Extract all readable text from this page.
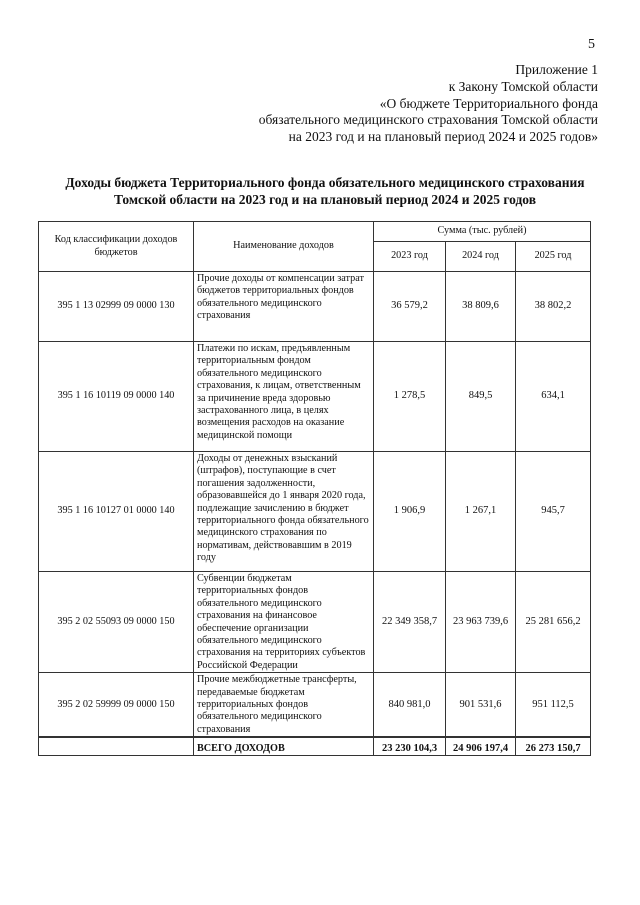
5
Приложение 1
к Закону Томской области
«О бюджете Территориального фонда
обязательного медицинского страхования Томской области
на 2023 год и на плановый период 2024 и 2025 годов»
Доходы бюджета Территориального фонда обязательного медицинского страхования Томской области на 2023 год и на плановый период 2024 и 2025 годов
Код классификации доходов бюджетов	Наименование доходов	Сумма (тыс. рублей)		
		2023 год	2024 год	2025 год
395 1 13 02999 09 0000 130	Прочие доходы от компенсации затрат бюджетов территориальных фондов обязательного медицинского страхования	36 579,2	38 809,6	38 802,2
395 1 16 10119 09 0000 140	Платежи по искам, предъявленным территориальным фондом обязательного медицинского страхования, к лицам, ответственным за причинение вреда здоровью застрахованного лица, в целях возмещения расходов на оказание медицинской помощи	1 278,5	849,5	634,1
395 1 16 10127 01 0000 140	Доходы от денежных взысканий (штрафов), поступающие в счет погашения задолженности, образовавшейся до 1 января 2020 года, подлежащие зачислению в бюджет территориального фонда обязательного медицинского страхования по нормативам, действовавшим в 2019 году	1 906,9	1 267,1	945,7
395 2 02 55093 09 0000 150	Субвенции бюджетам территориальных фондов обязательного медицинского страхования на финансовое обеспечение организации обязательного медицинского страхования на территориях субъектов Российской Федерации	22 349 358,7	23 963 739,6	25 281 656,2
395 2 02 59999 09 0000 150	Прочие межбюджетные трансферты, передаваемые бюджетам территориальных фондов обязательного медицинского страхования	840 981,0	901 531,6	951 112,5
	ВСЕГО ДОХОДОВ	23 230 104,3	24 906 197,4	26 273 150,7
